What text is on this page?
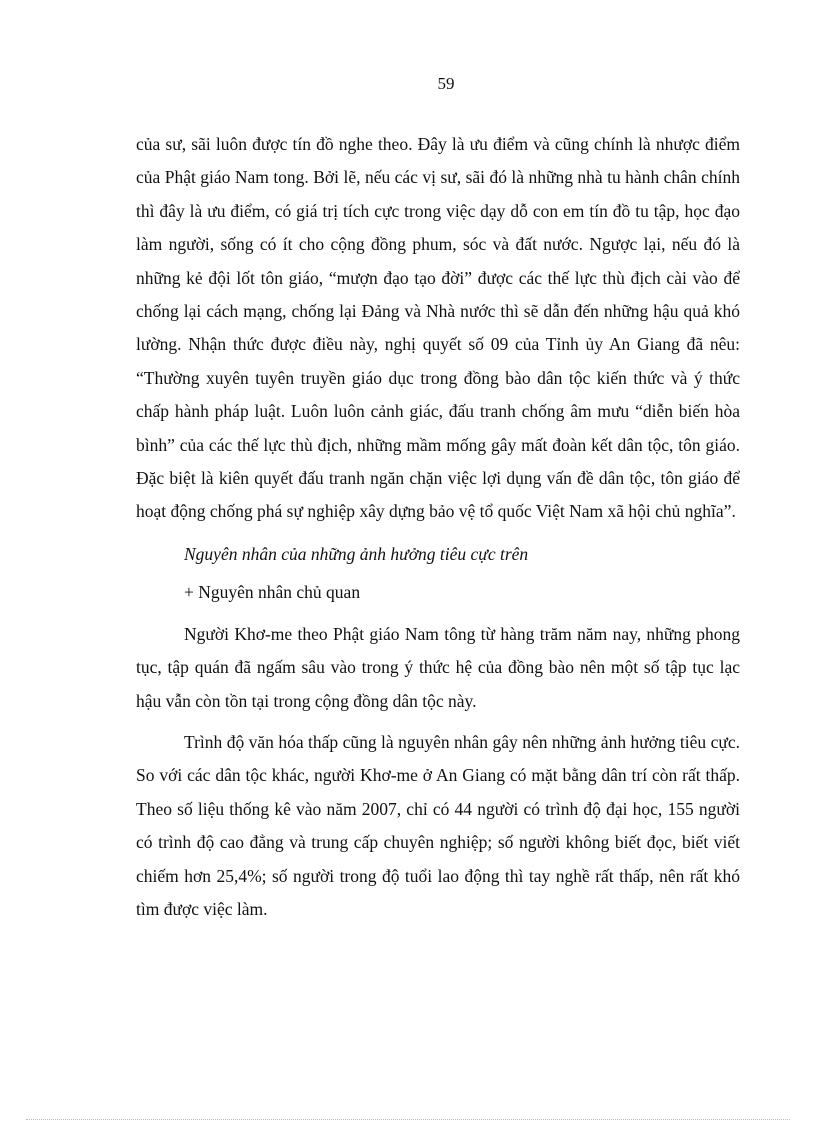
59

của sư, sãi luôn được tín đồ nghe theo. Đây là ưu điểm và cũng chính là nhược điểm của Phật giáo Nam tong. Bởi lẽ, nếu các vị sư, sãi đó là những nhà tu hành chân chính thì đây là ưu điểm, có giá trị tích cực trong việc dạy dỗ con em tín đồ tu tập, học đạo làm người, sống có ít cho cộng đồng phum, sóc và đất nước. Ngược lại, nếu đó là những kẻ đội lốt tôn giáo, “mượn đạo tạo đời” được các thế lực thù địch cài vào để chống lại cách mạng, chống lại Đảng và Nhà nước thì sẽ dẫn đến những hậu quả khó lường. Nhận thức được điều này, nghị quyết số 09 của Tỉnh ủy An Giang đã nêu: “Thường xuyên tuyên truyền giáo dục trong đồng bào dân tộc kiến thức và ý thức chấp hành pháp luật. Luôn luôn cảnh giác, đấu tranh chống âm mưu “diễn biến hòa bình” của các thế lực thù địch, những mầm mống gây mất đoàn kết dân tộc, tôn giáo. Đặc biệt là kiên quyết đấu tranh ngăn chặn việc lợi dụng vấn đề dân tộc, tôn giáo để hoạt động chống phá sự nghiệp xây dựng bảo vệ tổ quốc Việt Nam xã hội chủ nghĩa”.

Nguyên nhân của những ảnh hưởng tiêu cực trên

+ Nguyên nhân chủ quan

Người Khơ-me theo Phật giáo Nam tông từ hàng trăm năm nay, những phong tục, tập quán đã ngấm sâu vào trong ý thức hệ của đồng bào nên một số tập tục lạc hậu vẫn còn tồn tại trong cộng đồng dân tộc này.

Trình độ văn hóa thấp cũng là nguyên nhân gây nên những ảnh hưởng tiêu cực. So với các dân tộc khác, người Khơ-me ở An Giang có mặt bằng dân trí còn rất thấp. Theo số liệu thống kê vào năm 2007, chỉ có 44 người có trình độ đại học, 155 người có trình độ cao đẳng và trung cấp chuyên nghiệp; số người không biết đọc, biết viết chiếm hơn 25,4%; số người trong độ tuổi lao động thì tay nghề rất thấp, nên rất khó tìm được việc làm.
